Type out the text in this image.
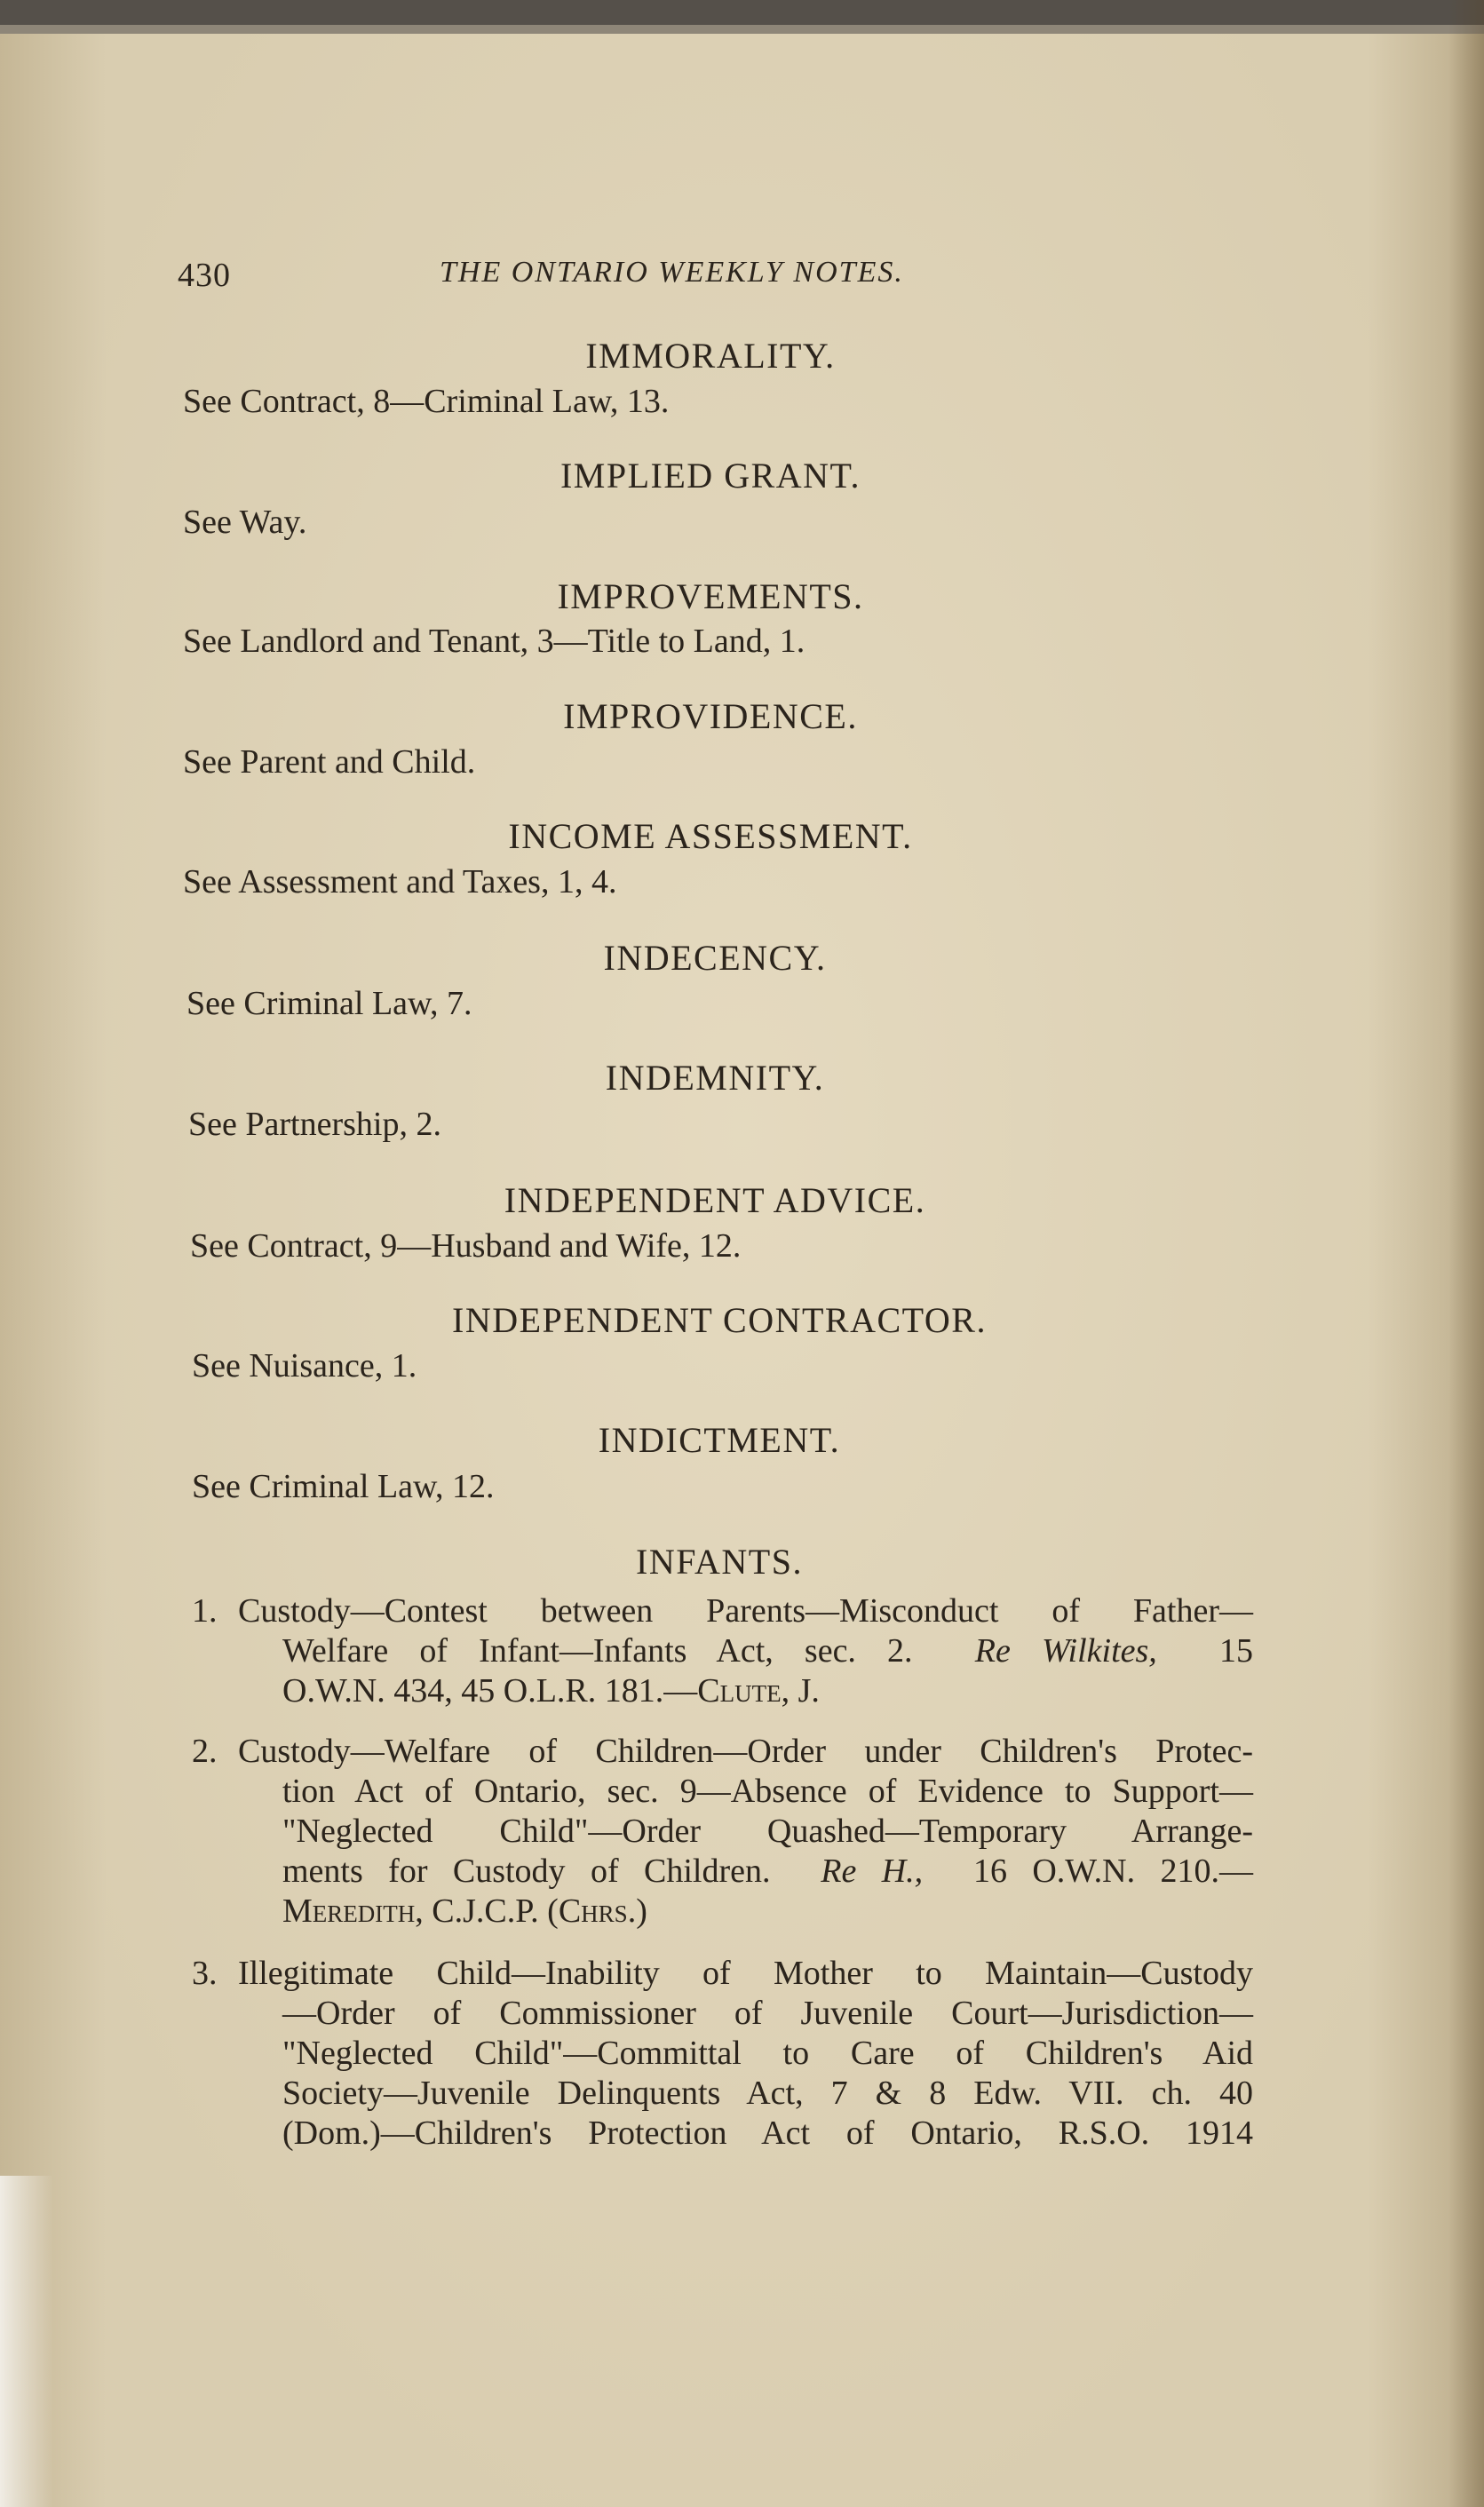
430	THE ONTARIO WEEKLY NOTES.
IMMORALITY.
See Contract, 8—Criminal Law, 13.
IMPLIED GRANT.
See Way.
IMPROVEMENTS.
See Landlord and Tenant, 3—Title to Land, 1.
IMPROVIDENCE.
See Parent and Child.
INCOME ASSESSMENT.
See Assessment and Taxes, 1, 4.
INDECENCY.
See Criminal Law, 7.
INDEMNITY.
See Partnership, 2.
INDEPENDENT ADVICE.
See Contract, 9—Husband and Wife, 12.
INDEPENDENT CONTRACTOR.
See Nuisance, 1.
INDICTMENT.
See Criminal Law, 12.
INFANTS.
1. Custody—Contest between Parents—Misconduct of Father—
Welfare of Infant—Infants Act, sec. 2. Re Wilkites, 15
O.W.N. 434, 45 O.L.R. 181.—Clute, J.
2. Custody—Welfare of Children—Order under Children's Protec-
tion Act of Ontario, sec. 9—Absence of Evidence to Support—
"Neglected Child"—Order Quashed—Temporary Arrange-
ments for Custody of Children. Re H., 16 O.W.N. 210.—
Meredith, C.J.C.P. (Chrs.)
3. Illegitimate Child—Inability of Mother to Maintain—Custody
—Order of Commissioner of Juvenile Court—Jurisdiction—
"Neglected Child"—Committal to Care of Children's Aid
Society—Juvenile Delinquents Act, 7 & 8 Edw. VII. ch. 40
(Dom.)—Children's Protection Act of Ontario, R.S.O. 1914
